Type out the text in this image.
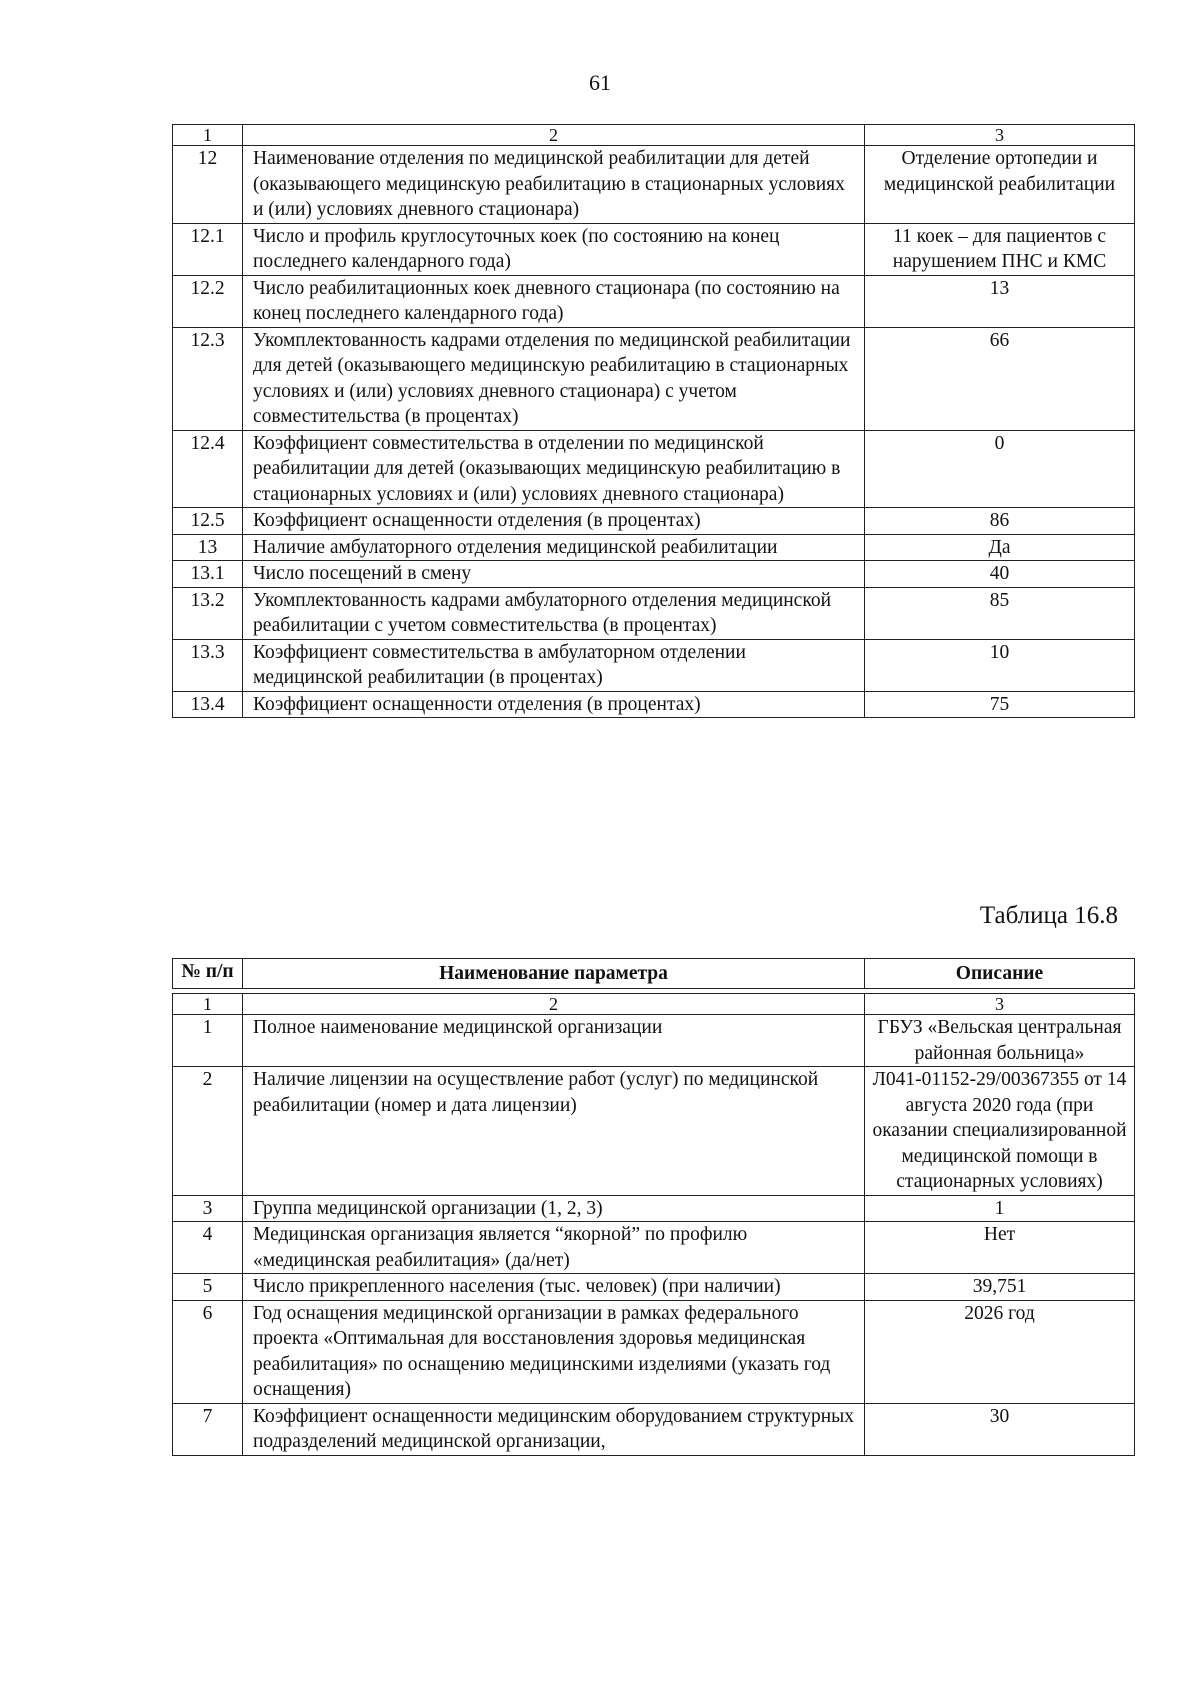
61
1	2	3
12	Наименование отделения по медицинской реабилитации для детей (оказывающего медицинскую реабилитацию в стационарных условиях и (или) условиях дневного стационара)	Отделение ортопедии и медицинской реабилитации
12.1	Число и профиль круглосуточных коек (по состоянию на конец последнего календарного года)	11 коек – для пациентов с нарушением ПНС и КМС
12.2	Число реабилитационных коек дневного стационара (по состоянию на конец последнего календарного года)	13
12.3	Укомплектованность кадрами отделения по медицинской реабилитации для детей (оказывающего медицинскую реабилитацию в стационарных условиях и (или) условиях дневного стационара) с учетом совместительства (в процентах)	66
12.4	Коэффициент совместительства в отделении по медицинской реабилитации для детей (оказывающих медицинскую реабилитацию в стационарных условиях и (или) условиях дневного стационара)	0
12.5	Коэффициент оснащенности отделения (в процентах)	86
13	Наличие амбулаторного отделения медицинской реабилитации	Да
13.1	Число посещений в смену	40
13.2	Укомплектованность кадрами амбулаторного отделения медицинской реабилитации с учетом совместительства (в процентах)	85
13.3	Коэффициент совместительства в амбулаторном отделении медицинской реабилитации (в процентах)	10
13.4	Коэффициент оснащенности отделения (в процентах)	75
Таблица 16.8
№ п/п	Наименование параметра	Описание

1	2	3
1	Полное наименование медицинской организации	ГБУЗ «Вельская центральная районная больница»
2	Наличие лицензии на осуществление работ (услуг) по медицинской реабилитации (номер и дата лицензии)	Л041-01152-29/00367355 от 14 августа 2020 года (при оказании специализированной медицинской помощи в стационарных условиях)
3	Группа медицинской организации (1, 2, 3)	1
4	Медицинская организация является “якорной” по профилю «медицинская реабилитация» (да/нет)	Нет
5	Число прикрепленного населения (тыс. человек) (при наличии)	39,751
6	Год оснащения медицинской организации в рамках федерального проекта «Оптимальная для восстановления здоровья медицинская реабилитация» по оснащению медицинскими изделиями (указать год оснащения)	2026 год
7	Коэффициент оснащенности медицинским оборудованием структурных подразделений медицинской организации,	30
